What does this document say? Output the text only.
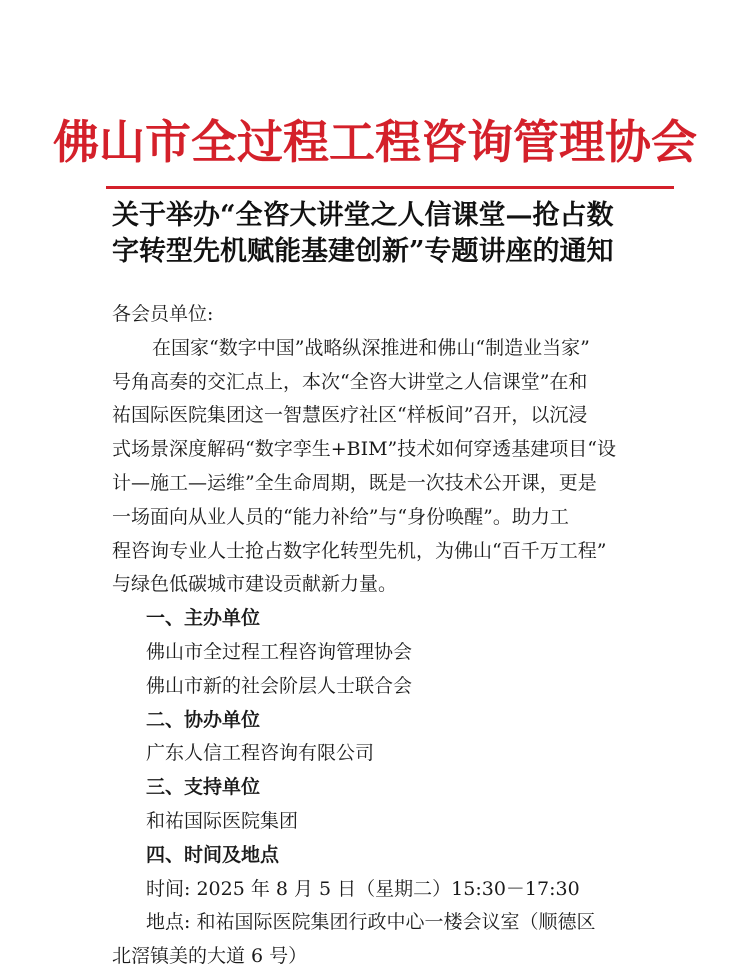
佛山市全过程工程咨询管理协会
关于举办“全咨大讲堂之人信课堂—抢占数
字转型先机赋能基建创新”专题讲座的通知
各会员单位:
在国家“数字中国”战略纵深推进和佛山“制造业当家”
号角高奏的交汇点上，本次“全咨大讲堂之人信课堂”在和
祐国际医院集团这一智慧医疗社区“样板间”召开，以沉浸
式场景深度解码“数字孪生+BIM”技术如何穿透基建项目“设
计—施工—运维”全生命周期，既是一次技术公开课，更是
一场面向从业人员的“能力补给”与“身份唤醒”。助力工
程咨询专业人士抢占数字化转型先机，为佛山“百千万工程”
与绿色低碳城市建设贡献新力量。
一、主办单位
佛山市全过程工程咨询管理协会
佛山市新的社会阶层人士联合会
二、协办单位
广东人信工程咨询有限公司
三、支持单位
和祐国际医院集团
四、时间及地点
时间: 2025 年 8 月 5 日（星期二）15:30－17:30
地点: 和祐国际医院集团行政中心一楼会议室（顺德区
北滘镇美的大道 6 号）
